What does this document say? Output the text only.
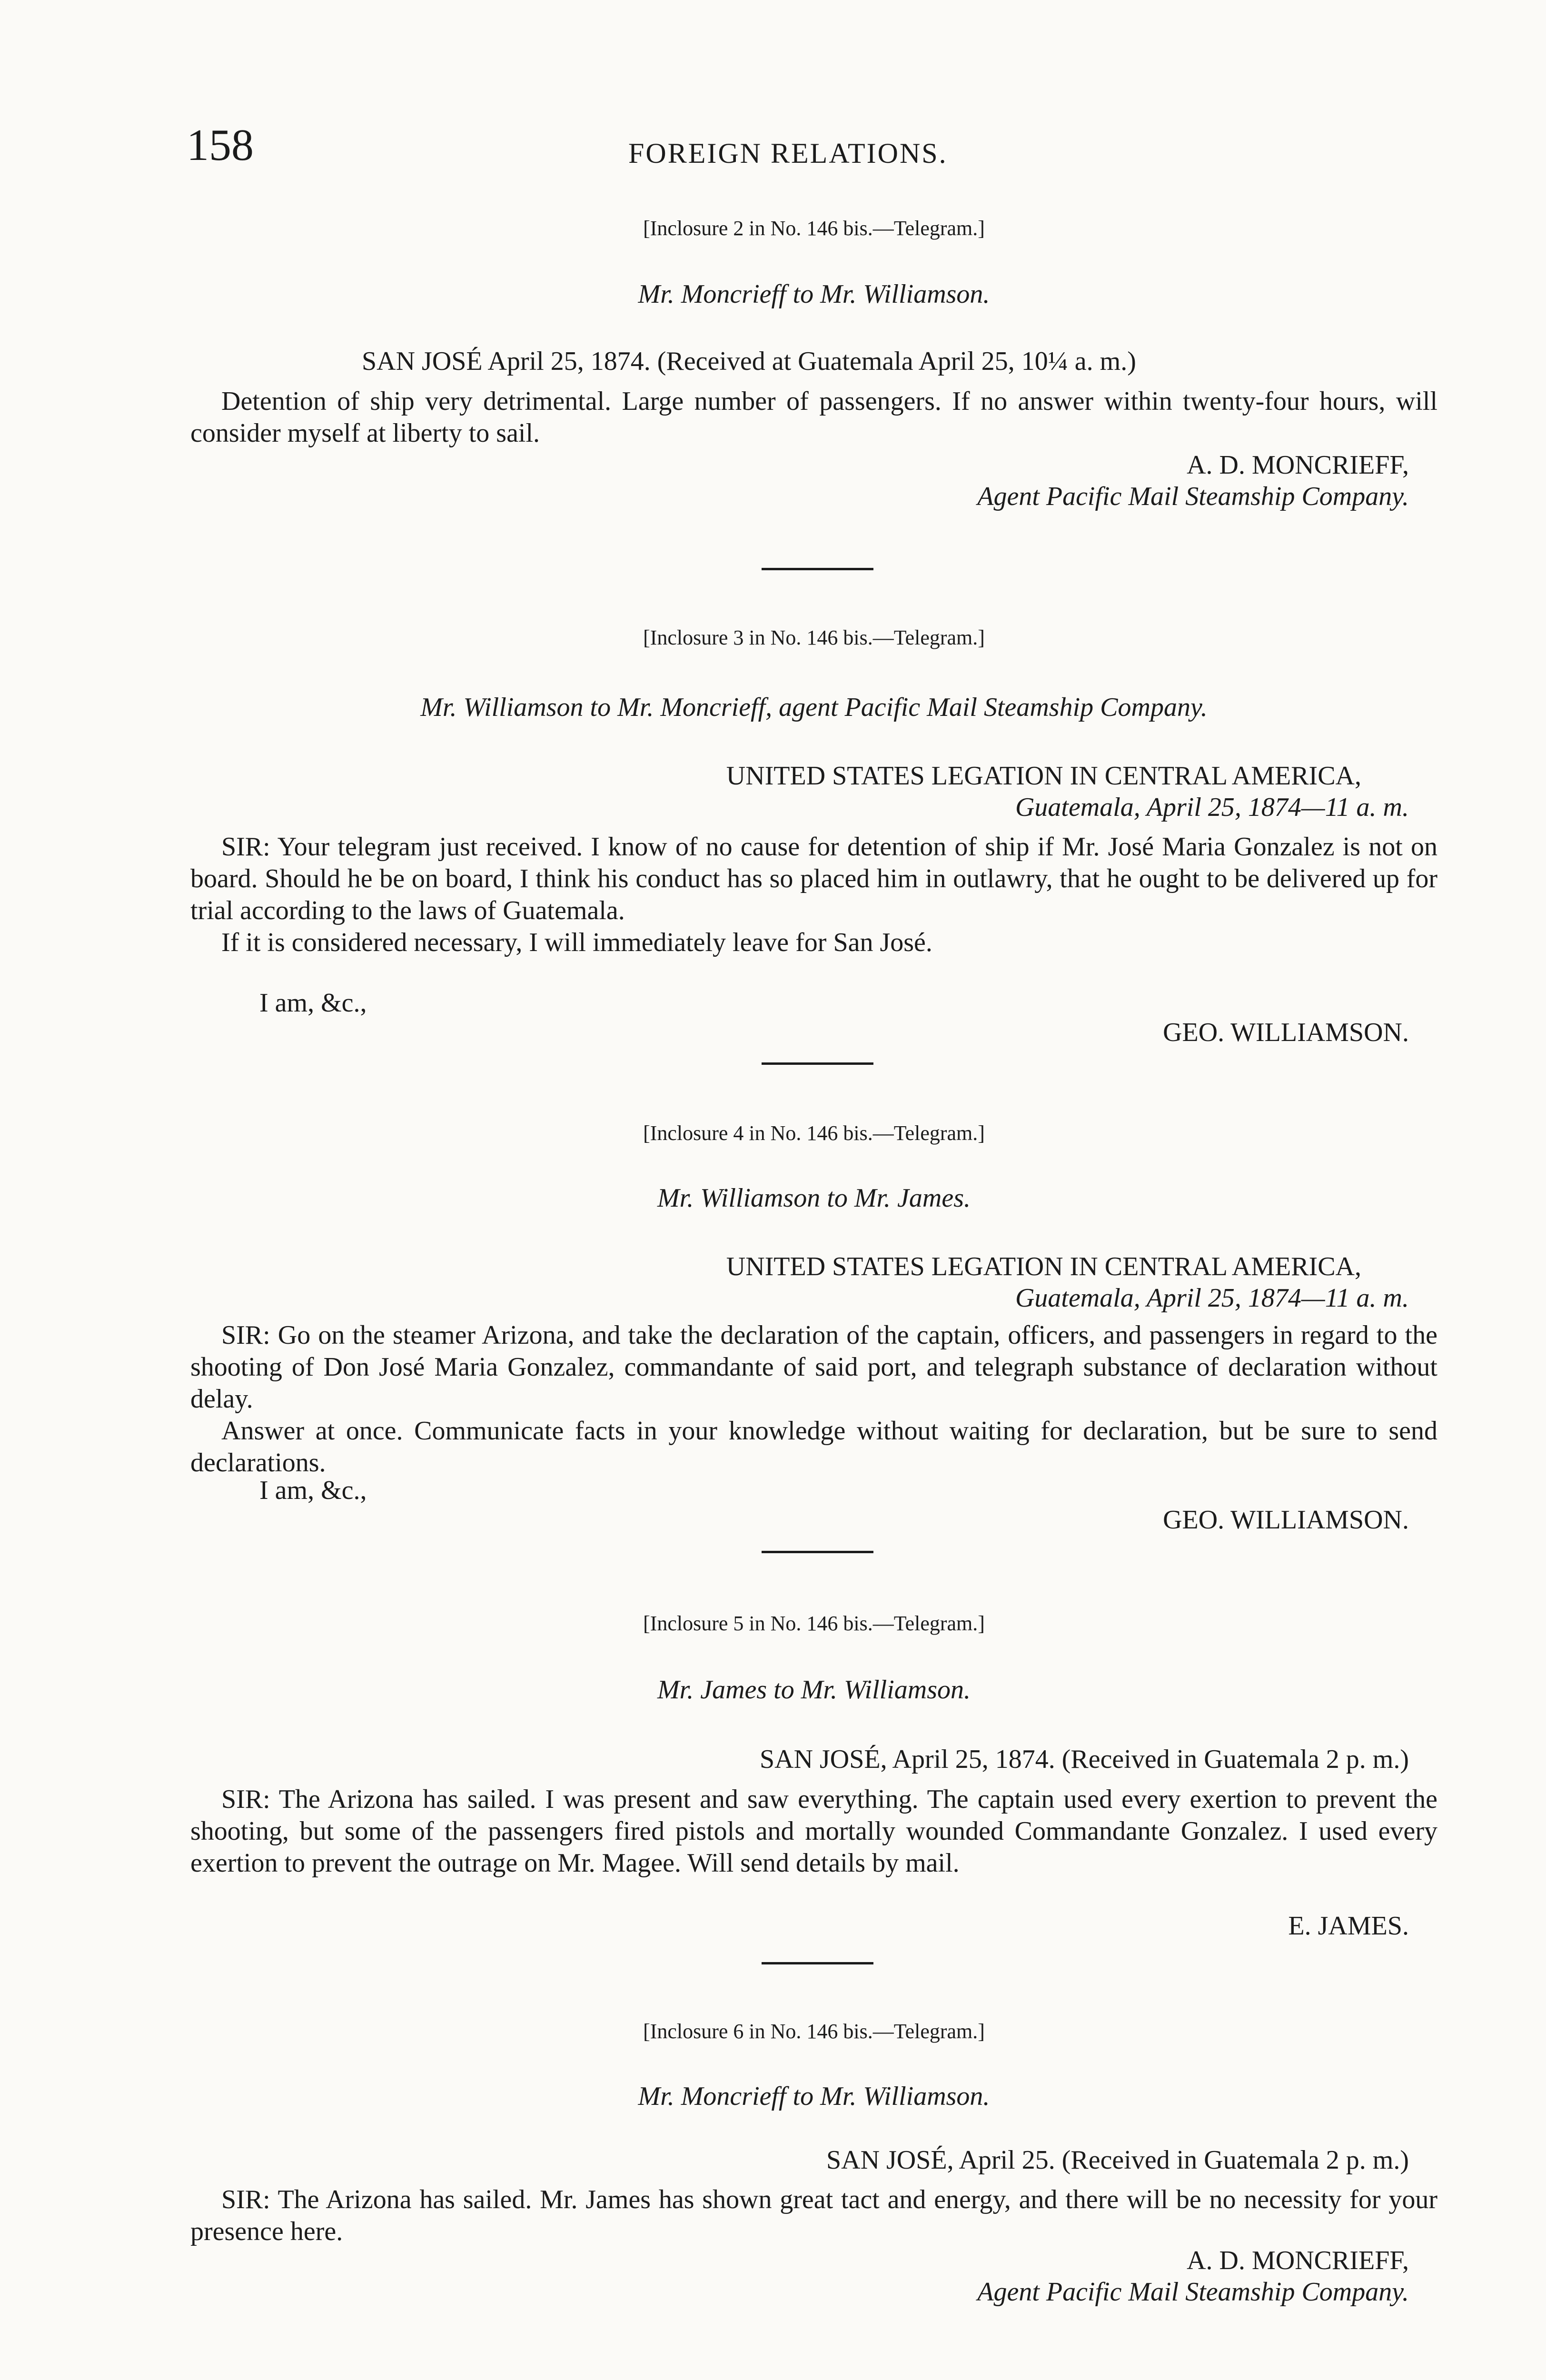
158	FOREIGN RELATIONS.
[Inclosure 2 in No. 146 bis.—Telegram.]
Mr. Moncrieff to Mr. Williamson.
SAN JOSÉ April 25, 1874. (Received at Guatemala April 25, 10¼ a. m.)

Detention of ship very detrimental. Large number of passengers. If no answer within twenty-four hours, will consider myself at liberty to sail.

A. D. MONCRIEFF,
Agent Pacific Mail Steamship Company.
[Inclosure 3 in No. 146 bis.—Telegram.]
Mr. Williamson to Mr. Moncrieff, agent Pacific Mail Steamship Company.
UNITED STATES LEGATION IN CENTRAL AMERICA,
Guatemala, April 25, 1874—11 a. m.

SIR: Your telegram just received. I know of no cause for detention of ship if Mr. José Maria Gonzalez is not on board. Should he be on board, I think his conduct has so placed him in outlawry, that he ought to be delivered up for trial according to the laws of Guatemala.

If it is considered necessary, I will immediately leave for San José.

I am, &c.,
GEO. WILLIAMSON.
[Inclosure 4 in No. 146 bis.—Telegram.]
Mr. Williamson to Mr. James.
UNITED STATES LEGATION IN CENTRAL AMERICA,
Guatemala, April 25, 1874—11 a. m.

SIR: Go on the steamer Arizona, and take the declaration of the captain, officers, and passengers in regard to the shooting of Don José Maria Gonzalez, commandante of said port, and telegraph substance of declaration without delay.

Answer at once. Communicate facts in your knowledge without waiting for declaration, but be sure to send declarations.

I am, &c.,
GEO. WILLIAMSON.
[Inclosure 5 in No. 146 bis.—Telegram.]
Mr. James to Mr. Williamson.
SAN JOSÉ, April 25, 1874. (Received in Guatemala 2 p. m.)

SIR: The Arizona has sailed. I was present and saw everything. The captain used every exertion to prevent the shooting, but some of the passengers fired pistols and mortally wounded Commandante Gonzalez. I used every exertion to prevent the outrage on Mr. Magee. Will send details by mail.

E. JAMES.
[Inclosure 6 in No. 146 bis.—Telegram.]
Mr. Moncrieff to Mr. Williamson.
SAN JOSÉ, April 25. (Received in Guatemala 2 p. m.)

SIR: The Arizona has sailed. Mr. James has shown great tact and energy, and there will be no necessity for your presence here.

A. D. MONCRIEFF,
Agent Pacific Mail Steamship Company.
